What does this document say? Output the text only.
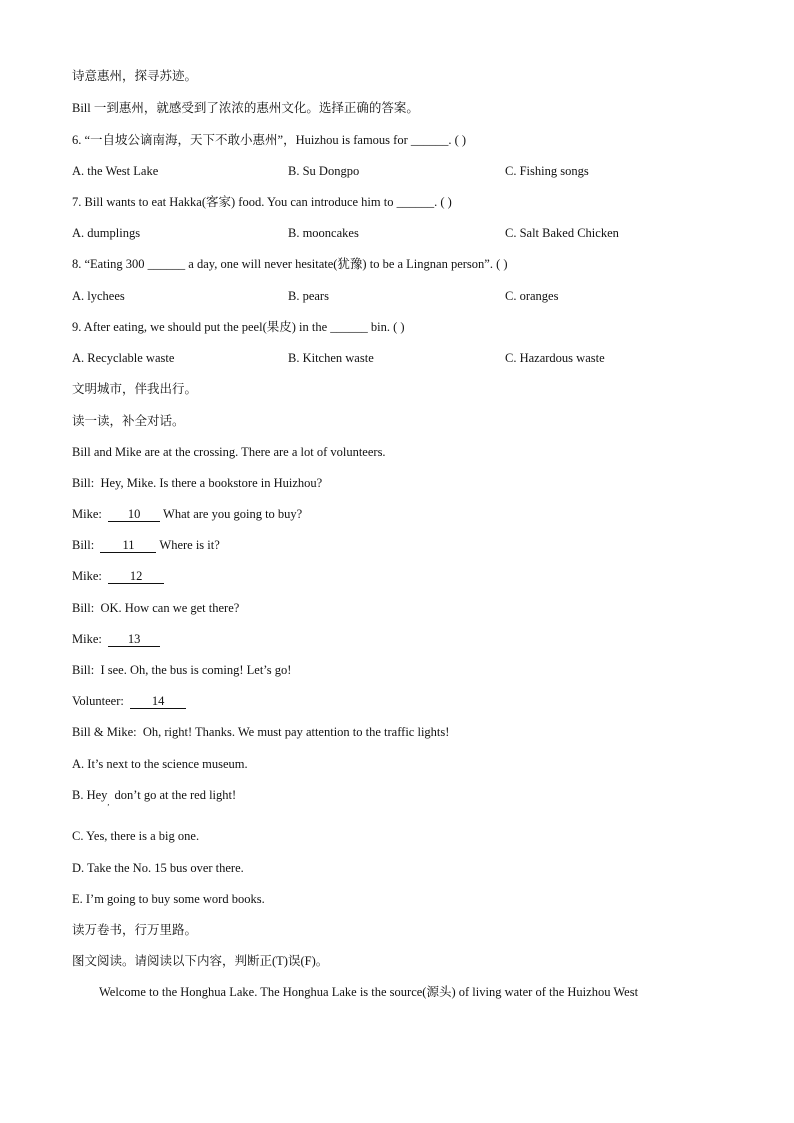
诗意惠州，探寻苏迹。
Bill 一到惠州，就感受到了浓浓的惠州文化。选择正确的答案。
6. “一自坡公谪南海，天下不敢小惠州”，Huizhou is famous for ______. ( )
A. the West Lake	B. Su Dongpo	C. Fishing songs
7. Bill wants to eat Hakka(客家) food. You can introduce him to ______. ( )
A. dumplings	B. mooncakes	C. Salt Baked Chicken
8. “Eating 300 ______ a day, one will never hesitate(犹豫) to be a Lingnan person”. ( )
A. lychees	B. pears	C. oranges
9. After eating, we should put the peel(果皮) in the ______ bin. ( )
A. Recyclable waste	B. Kitchen waste	C. Hazardous waste
文明城市，伴我出行。
读一读，补全对话。
Bill and Mike are at the crossing. There are a lot of volunteers.
Bill: Hey, Mike. Is there a bookstore in Huizhou?
Mike: 10 What are you going to buy?
Bill: 11 Where is it?
Mike: 12
Bill: OK. How can we get there?
Mike: 13
Bill: I see. Oh, the bus is coming! Let’s go!
Volunteer: 14
Bill & Mike: Oh, right! Thanks. We must pay attention to the traffic lights!
A. It’s next to the science museum.
B. Hey, don’t go at the red light!
C. Yes, there is a big one.
D. Take the No. 15 bus over there.
E. I’m going to buy some word books.
读万卷书，行万里路。
图文阅读。请阅读以下内容，判断正(T)误(F)。
Welcome to the Honghua Lake. The Honghua Lake is the source(源头) of living water of the Huizhou West
